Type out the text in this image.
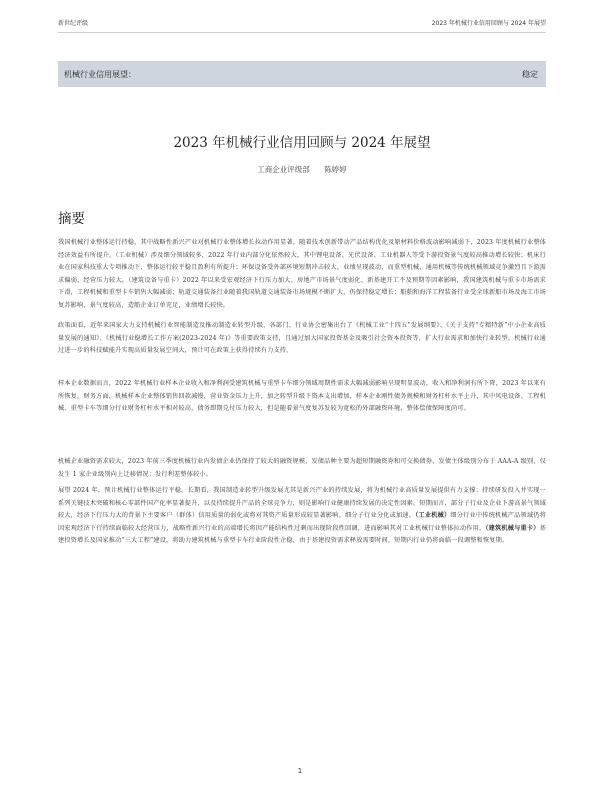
新世纪评级	2023 年机械行业信用回顾与 2024 年展望
机械行业信用展望：	稳定
2023 年机械行业信用回顾与 2024 年展望
工商企业评级部 陈婷婷
摘要
我国机械行业整体运行持稳，其中战略性新兴产业对机械行业整体增长拉动作用显著。随着技术创新带动产品结构优化及原材料价格波动影响减弱下，2023 年度机械行业整体经济效益有所提升。（工业机械）涉及细分领域较多，2022 年行业内部分化依然较大，其中锂电设备、光伏设备、工业机器人等受下游投资景气度较高推动增长较快；机床行业在国家科技重大专项推动下，整体运行较平稳且盈利有所提升；环保设备受外部环境短期冲击较大，业绩呈现波动，而重型机械、通用机械等传统机械领域竞争激烈且下游需求偏弱，经营压力较大。（建筑设备与重卡）2022 年以来受宏观经济下行压力加大、房地产市场景气度弱化、新基建开工不及预期等因素影响，我国建筑机械与重卡市场需求下滑，工程机械和重型卡车销售大幅减弱；轨道交通装备行业随着我国轨道交通装备市场规模不断扩大，仍保持稳定增长；船舶和海洋工程装备行业受全球新船市场及海工市场复苏影响，景气度较高，造船企业订单充足，业绩增长较快。
政策面看，近年来国家大力支持机械行业智能制造及推动制造业转型升级，各部门、行业协会密集出台了《机械工业“十四五”发展纲要》、《关于支持“专精特新”中小企业高质量发展的通知》、《机械行业稳增长工作方案(2023-2024 年)》等重要政策支持，且通过加大国家投资基金及吸引社会资本投资等，扩大行业需求和加快行业转型。机械行业通过进一步的科技赋能升实现高质量发展空间大，预计可在政策上获得持续有力支持。
样本企业数据而言，2022 年机械行业样本企业收入和净利润受建筑机械与重型卡车细分领域周期性需求大幅减弱影响呈现明显波动，收入和净利润有所下降，2023 年以来有所恢复。财务方面，机械样本企业整体销售回款减慢，营业资金压力上升，加之转型升级下资本支出增加，样本企业刚性债务规模和财务杠杆水平上升，其中风电设备、工程机械、重型卡车等细分行业财务杠杆水平相对较高，债务即期兑付压力较大，但是随着景气度复苏发较为宽松的外部融资环境，整体偿债保障度尚可。
机械企业融资需求较大，2023 年前三季度机械行业内发债企业仍保持了较大的融资规模，发债品种主要为超短期融资券和可交换债券，发债主体级别分布于 AAA-A 级别，仅发生 1 家企业级别向上迁移情况；发行利差整体较小。
展望 2024 年，预计机械行业整体运行平稳。长期看，我国制造业转型升级发展尤其是新兴产业的持续发展，将为机械行业高质量发展提供有力支撑；持续研发投入并实现一系列关键技术突破和核心零部件国产化率显著提升，以及持续提升产品的全球竞争力，则是影响行业健康持续发展的决定性因素。短期而言，部分子行业及企业下游高景气领域较大，经济下行压力大的背景下主要客户（群体）信用质量的弱化或将对其资产质量形成较显著影响。细分子行业分化或加速。（工业机械）细分行业中传统机械产品领域仍将因宏观经济下行持续面临较大经营压力，战略性新兴行业的高端增长将因产能结构性过剩而出现阶段性回调，进而影响其对工业机械行业整体拉动作用。（建筑机械与重卡）基建投资增长及国家推动“三大工程”建设，将助力建筑机械与重型卡车行业阶段性企稳，由于基建投资需求释放需要时间，短期内行业仍将面临一段调整和恢复期。
1
